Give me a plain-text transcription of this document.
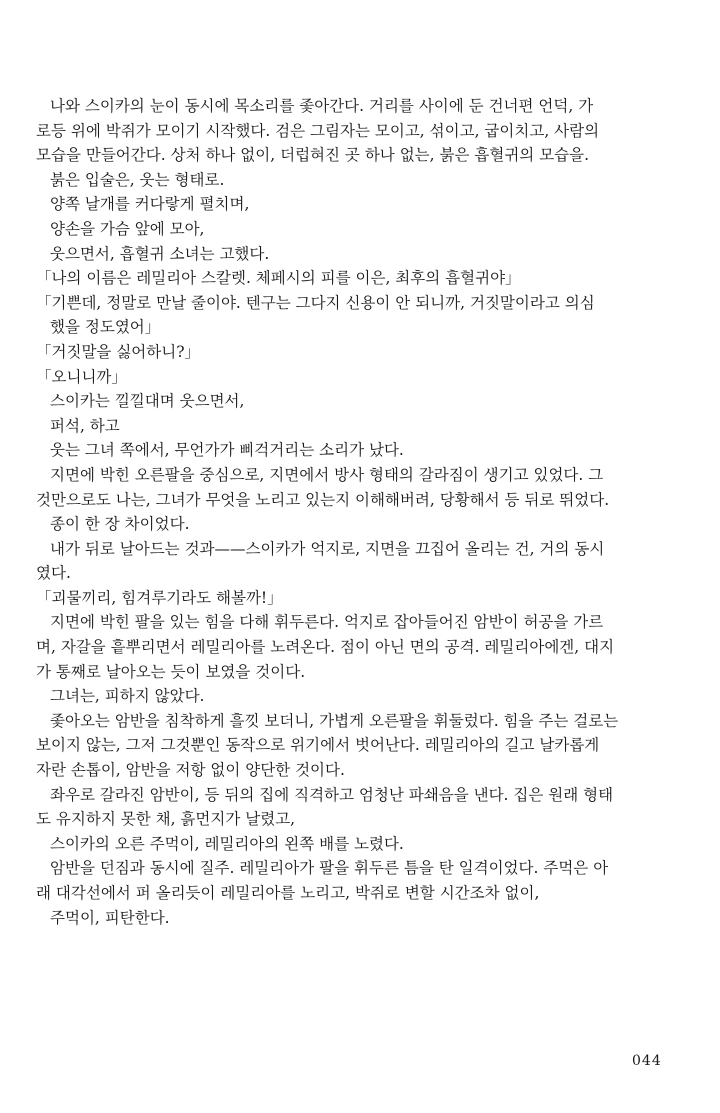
나와 스이카의 눈이 동시에 목소리를 좇아간다. 거리를 사이에 둔 건너편 언덕, 가

로등 위에 박쥐가 모이기 시작했다. 검은 그림자는 모이고, 섞이고, 굽이치고, 사람의

모습을 만들어간다. 상처 하나 없이, 더럽혀진 곳 하나 없는, 붉은 흡혈귀의 모습을.

붉은 입술은, 웃는 형태로.

양쪽 날개를 커다랗게 펼치며,

양손을 가슴 앞에 모아,

웃으면서, 흡혈귀 소녀는 고했다.

「나의 이름은 레밀리아 스칼렛. 체페시의 피를 이은, 최후의 흡혈귀야」

「기쁜데, 정말로 만날 줄이야. 텐구는 그다지 신용이 안 되니까, 거짓말이라고 의심

했을 정도였어」

「거짓말을 싫어하니?」

「오니니까」

스이카는 낄낄대며 웃으면서,

퍼석, 하고

웃는 그녀 쪽에서, 무언가가 삐걱거리는 소리가 났다.

지면에 박힌 오른팔을 중심으로, 지면에서 방사 형태의 갈라짐이 생기고 있었다. 그

것만으로도 나는, 그녀가 무엇을 노리고 있는지 이해해버려, 당황해서 등 뒤로 뛰었다.

종이 한 장 차이었다.

내가 뒤로 날아드는 것과——스이카가 억지로, 지면을 끄집어 올리는 건, 거의 동시

였다.

「괴물끼리, 힘겨루기라도 해볼까!」

지면에 박힌 팔을 있는 힘을 다해 휘두른다. 억지로 잡아들어진 암반이 허공을 가르

며, 자갈을 흩뿌리면서 레밀리아를 노려온다. 점이 아닌 면의 공격. 레밀리아에겐, 대지

가 통째로 날아오는 듯이 보였을 것이다.

그녀는, 피하지 않았다.

좇아오는 암반을 침착하게 흘낏 보더니, 가볍게 오른팔을 휘둘렀다. 힘을 주는 걸로는

보이지 않는, 그저 그것뿐인 동작으로 위기에서 벗어난다. 레밀리아의 길고 날카롭게

자란 손톱이, 암반을 저항 없이 양단한 것이다.

좌우로 갈라진 암반이, 등 뒤의 집에 직격하고 엄청난 파쇄음을 낸다. 집은 원래 형태

도 유지하지 못한 채, 흙먼지가 날렸고,

스이카의 오른 주먹이, 레밀리아의 왼쪽 배를 노렸다.

암반을 던짐과 동시에 질주. 레밀리아가 팔을 휘두른 틈을 탄 일격이었다. 주먹은 아

래 대각선에서 퍼 올리듯이 레밀리아를 노리고, 박쥐로 변할 시간조차 없이,

주먹이, 피탄한다.

044
